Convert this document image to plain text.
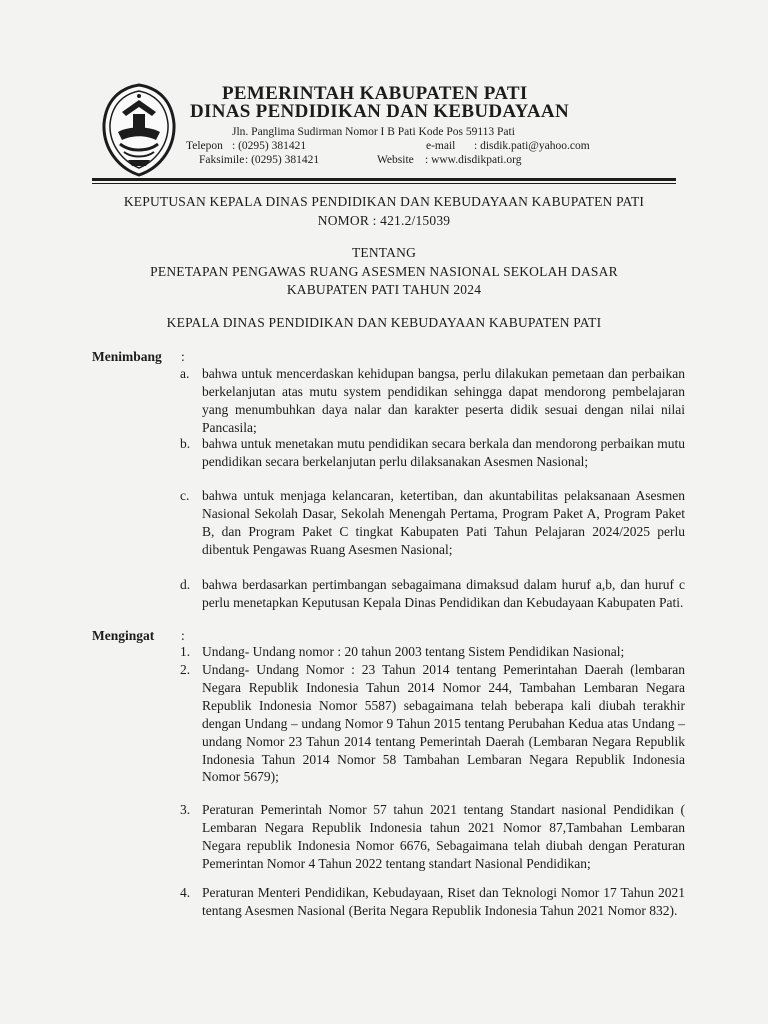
PEMERINTAH KABUPATEN PATI
DINAS PENDIDIKAN DAN KEBUDAYAAN
Jln. Panglima Sudirman Nomor I B Pati Kode Pos 59113 Pati
Telepon : (0295) 381421	e-mail : disdik.pati@yahoo.com
Faksimile : (0295) 381421	Website : www.disdikpati.org
KEPUTUSAN KEPALA DINAS PENDIDIKAN DAN KEBUDAYAAN KABUPATEN PATI
NOMOR : 421.2/15039
TENTANG
PENETAPAN PENGAWAS RUANG ASESMEN NASIONAL SEKOLAH DASAR
KABUPATEN PATI TAHUN 2024
KEPALA DINAS PENDIDIKAN DAN KEBUDAYAAN KABUPATEN PATI
Menimbang :
a. bahwa untuk mencerdaskan kehidupan bangsa, perlu dilakukan pemetaan dan perbaikan berkelanjutan atas mutu system pendidikan sehingga dapat mendorong pembelajaran yang menumbuhkan daya nalar dan karakter peserta didik sesuai dengan nilai nilai Pancasila;
b. bahwa untuk menetakan mutu pendidikan secara berkala dan mendorong perbaikan mutu pendidikan secara berkelanjutan perlu dilaksanakan Asesmen Nasional;
c. bahwa untuk menjaga kelancaran, ketertiban, dan akuntabilitas pelaksanaan Asesmen Nasional Sekolah Dasar, Sekolah Menengah Pertama, Program Paket A, Program Paket B, dan Program Paket C tingkat Kabupaten Pati Tahun Pelajaran 2024/2025 perlu dibentuk Pengawas Ruang Asesmen Nasional;
d. bahwa berdasarkan pertimbangan sebagaimana dimaksud dalam huruf a,b, dan huruf c perlu menetapkan Keputusan Kepala Dinas Pendidikan dan Kebudayaan Kabupaten Pati.
Mengingat :
1. Undang- Undang nomor : 20 tahun 2003 tentang Sistem Pendidikan Nasional;
2. Undang- Undang Nomor : 23 Tahun 2014 tentang Pemerintahan Daerah (lembaran Negara Republik Indonesia Tahun 2014 Nomor 244, Tambahan Lembaran Negara Republik Indonesia Nomor 5587) sebagaimana telah beberapa kali diubah terakhir dengan Undang – undang Nomor 9 Tahun 2015 tentang Perubahan Kedua atas Undang – undang Nomor 23 Tahun 2014 tentang Pemerintah Daerah (Lembaran Negara Republik Indonesia Tahun 2014 Nomor 58 Tambahan Lembaran Negara Republik Indonesia Nomor 5679);
3. Peraturan Pemerintah Nomor 57 tahun 2021 tentang Standart nasional Pendidikan ( Lembaran Negara Republik Indonesia tahun 2021 Nomor 87,Tambahan Lembaran Negara republik Indonesia Nomor 6676, Sebagaimana telah diubah dengan Peraturan Pemerintan Nomor 4 Tahun 2022 tentang standart Nasional Pendidikan;
4. Peraturan Menteri Pendidikan, Kebudayaan, Riset dan Teknologi Nomor 17 Tahun 2021 tentang Asesmen Nasional (Berita Negara Republik Indonesia Tahun 2021 Nomor 832).
